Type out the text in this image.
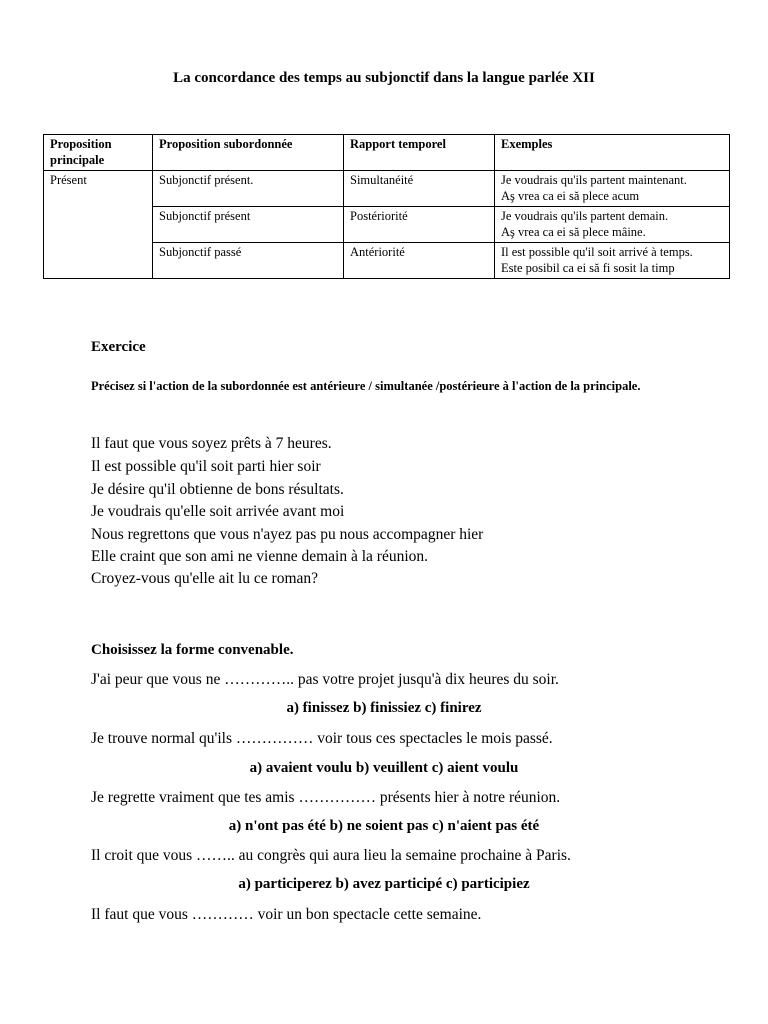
La concordance des temps au subjonctif dans la langue parlée XII
Proposition principale	Proposition subordonnée	Rapport temporel	Exemples
Présent	Subjonctif présent.	Simultanéité	Je voudrais qu'ils partent maintenant.
Aş vrea ca ei să plece acum

	Subjonctif présent	Postériorité	Je voudrais qu'ils partent demain.
Aş vrea ca ei să plece mâine.

	Subjonctif passé	Antériorité	Il est possible qu'il soit arrivé à temps.
Este posibil ca ei să fi sosit la timp
Exercice
Précisez si l'action de la subordonnée est antérieure / simultanée /postérieure à l'action de la principale.
Il faut que vous soyez prêts à 7 heures.
Il est possible qu'il soit parti hier soir
Je désire qu'il obtienne de bons résultats.
Je voudrais qu'elle soit arrivée avant moi
Nous regrettons que vous n'ayez pas pu nous accompagner hier
Elle craint que son ami ne vienne demain à la réunion.
Croyez-vous qu'elle ait lu ce roman?
Choisissez la forme convenable.
J'ai peur que vous ne ………….. pas votre projet jusqu'à dix heures du soir.
a) finissez b) finissiez c) finirez
Je trouve normal qu'ils …………… voir tous ces spectacles le mois passé.
a) avaient voulu b) veuillent c) aient voulu
Je regrette vraiment que tes amis …………… présents hier à notre réunion.
a) n'ont pas été b) ne soient pas c) n'aient pas été
Il croit que vous …….. au congrès qui aura lieu la semaine prochaine à Paris.
a) participerez b) avez participé c) participiez
Il faut que vous ………… voir un bon spectacle cette semaine.
